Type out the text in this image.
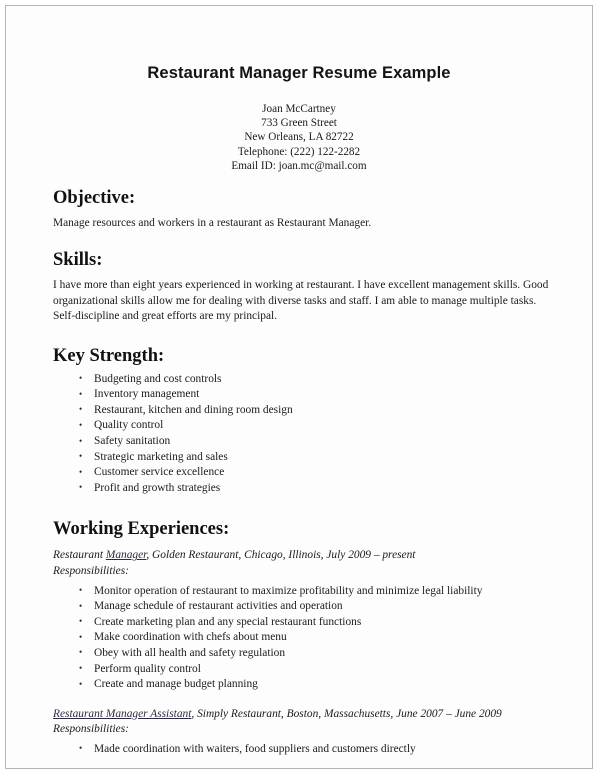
Restaurant Manager Resume Example
Joan McCartney
733 Green Street
New Orleans, LA 82722
Telephone: (222) 122-2282
Email ID: joan.mc@mail.com
Objective:

Manage resources and workers in a restaurant as Restaurant Manager.

Skills:

I have more than eight years experienced in working at restaurant. I have excellent management skills. Good organizational skills allow me for dealing with diverse tasks and staff. I am able to manage multiple tasks. Self-discipline and great efforts are my principal.

Key Strength:
• Budgeting and cost controls
• Inventory management
• Restaurant, kitchen and dining room design
• Quality control
• Safety sanitation
• Strategic marketing and sales
• Customer service excellence
• Profit and growth strategies
Working Experiences:

Restaurant Manager, Golden Restaurant, Chicago, Illinois, July 2009 – present

Responsibilities:

• Monitor operation of restaurant to maximize profitability and minimize legal liability
• Manage schedule of restaurant activities and operation
• Create marketing plan and any special restaurant functions
• Make coordination with chefs about menu
• Obey with all health and safety regulation
• Perform quality control
• Create and manage budget planning

Restaurant Manager Assistant, Simply Restaurant, Boston, Massachusetts, June 2007 – June 2009

Responsibilities:

• Made coordination with waiters, food suppliers and customers directly
